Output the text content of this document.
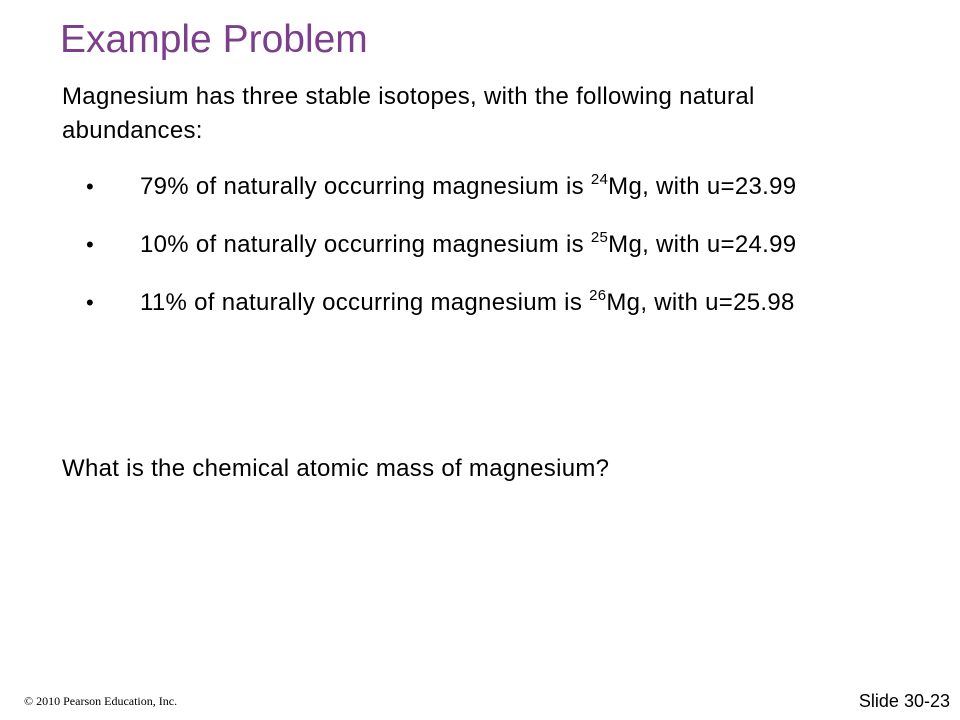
Example Problem

Magnesium has three stable isotopes, with the following natural abundances:

• 79% of naturally occurring magnesium is $^{24}$Mg, with u=23.99
• 10% of naturally occurring magnesium is $^{25}$Mg, with u=24.99
• 11% of naturally occurring magnesium is $^{26}$Mg, with u=25.98

What is the chemical atomic mass of magnesium?

© 2010 Pearson Education, Inc.	Slide 30-23
